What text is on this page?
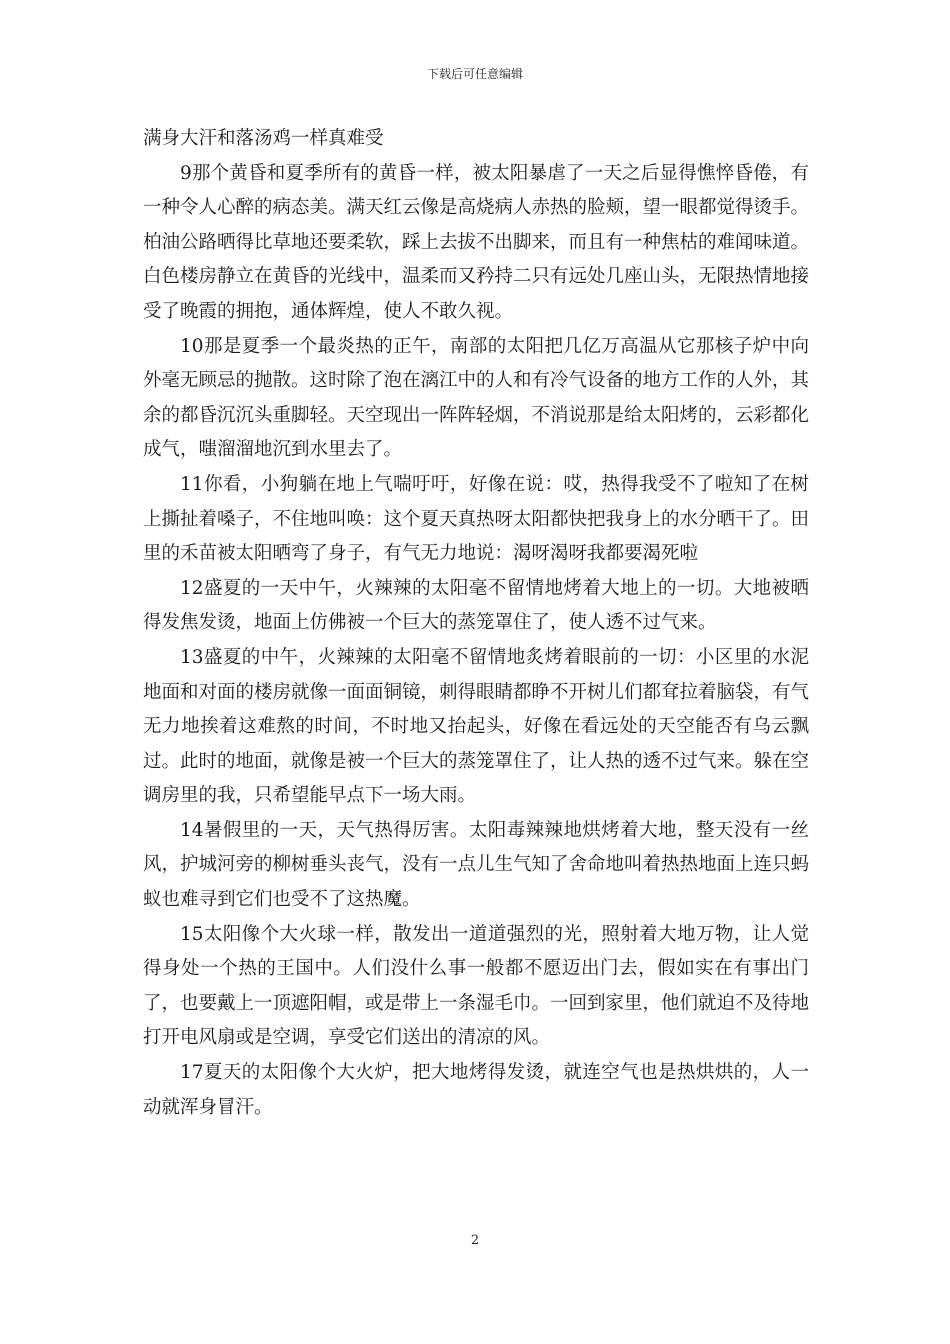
下载后可任意编辑

满身大汗和落汤鸡一样真难受

9那个黄昏和夏季所有的黄昏一样，被太阳暴虐了一天之后显得憔悴昏倦，有一种令人心醉的病态美。满天红云像是高烧病人赤热的脸颊，望一眼都觉得烫手。柏油公路晒得比草地还要柔软，踩上去拔不出脚来，而且有一种焦枯的难闻味道。白色楼房静立在黄昏的光线中，温柔而又矜持二只有远处几座山头，无限热情地接受了晚霞的拥抱，通体辉煌，使人不敢久视。

10那是夏季一个最炎热的正午，南部的太阳把几亿万高温从它那核子炉中向外毫无顾忌的抛散。这时除了泡在漓江中的人和有冷气设备的地方工作的人外，其余的都昏沉沉头重脚轻。天空现出一阵阵轻烟，不消说那是给太阳烤的，云彩都化成气，嗤溜溜地沉到水里去了。

11你看，小狗躺在地上气喘吁吁，好像在说：哎，热得我受不了啦知了在树上撕扯着嗓子，不住地叫唤：这个夏天真热呀太阳都快把我身上的水分晒干了。田里的禾苗被太阳晒弯了身子，有气无力地说：渴呀渴呀我都要渴死啦

12盛夏的一天中午，火辣辣的太阳毫不留情地烤着大地上的一切。大地被晒得发焦发烫，地面上仿佛被一个巨大的蒸笼罩住了，使人透不过气来。

13盛夏的中午，火辣辣的太阳毫不留情地炙烤着眼前的一切：小区里的水泥地面和对面的楼房就像一面面铜镜，刺得眼睛都睁不开树儿们都耷拉着脑袋，有气无力地挨着这难熬的时间，不时地又抬起头，好像在看远处的天空能否有乌云飘过。此时的地面，就像是被一个巨大的蒸笼罩住了，让人热的透不过气来。躲在空调房里的我，只希望能早点下一场大雨。

14暑假里的一天，天气热得厉害。太阳毒辣辣地烘烤着大地，整天没有一丝风，护城河旁的柳树垂头丧气，没有一点儿生气知了舍命地叫着热热地面上连只蚂蚁也难寻到它们也受不了这热魔。

15太阳像个大火球一样，散发出一道道强烈的光，照射着大地万物，让人觉得身处一个热的王国中。人们没什么事一般都不愿迈出门去，假如实在有事出门了，也要戴上一顶遮阳帽，或是带上一条湿毛巾。一回到家里，他们就迫不及待地打开电风扇或是空调，享受它们送出的清凉的风。

17夏天的太阳像个大火炉，把大地烤得发烫，就连空气也是热烘烘的，人一动就浑身冒汗。

2
